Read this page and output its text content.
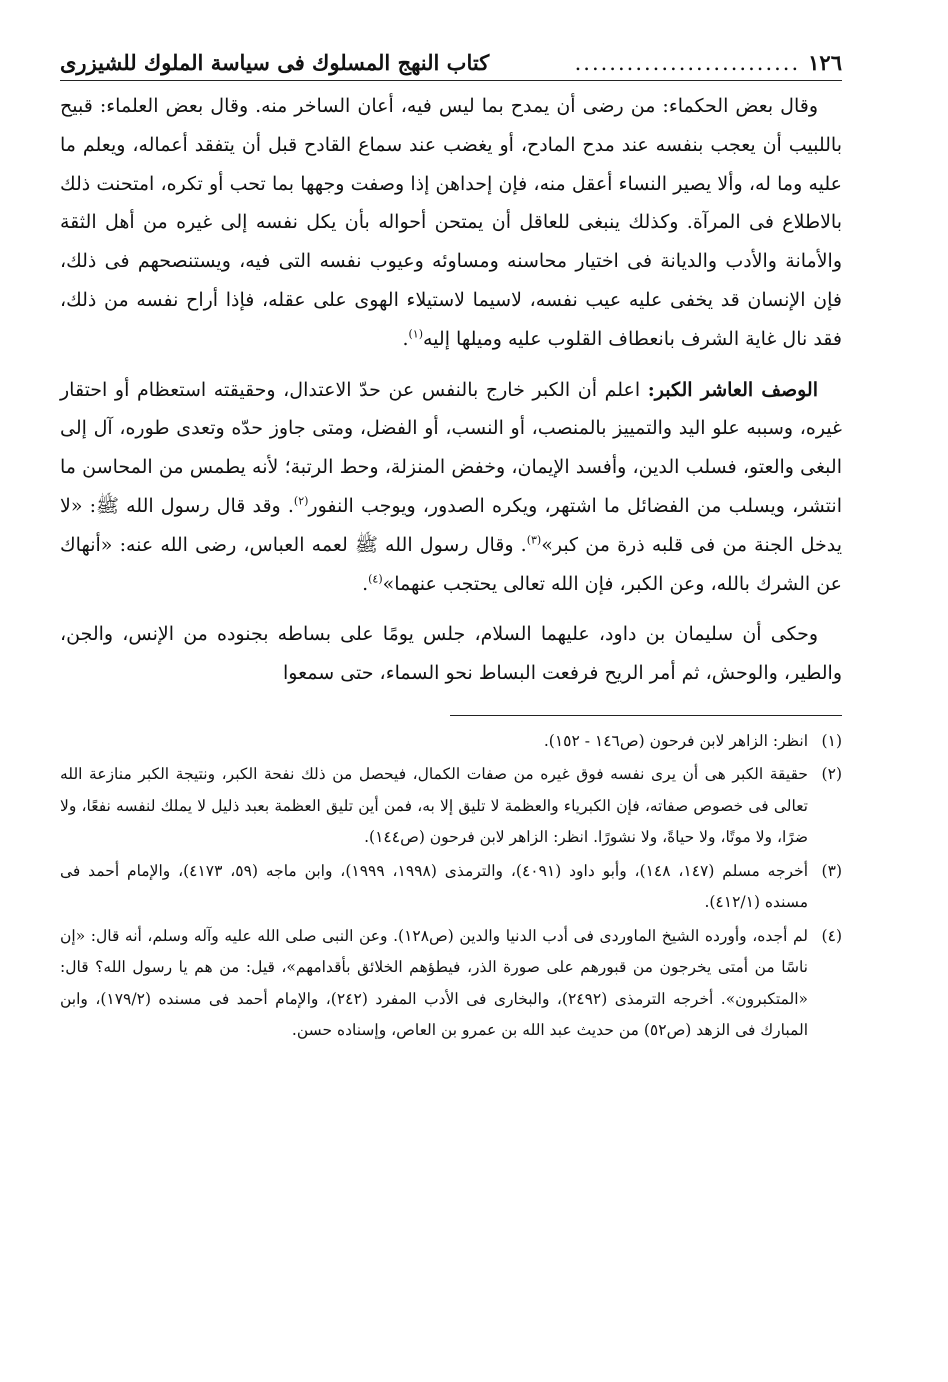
١٢٦
..........................
كتاب النهج المسلوك فى سياسة الملوك للشيزرى

وقال بعض الحكماء: من رضى أن يمدح بما ليس فيه، أعان الساخر منه. وقال بعض العلماء: قبيح باللبيب أن يعجب بنفسه عند مدح المادح، أو يغضب عند سماع القادح قبل أن يتفقد أعماله، ويعلم ما عليه وما له، وألا يصير النساء أعقل منه، فإن إحداهن إذا وصفت وجهها بما تحب أو تكره، امتحنت ذلك بالاطلاع فى المرآة. وكذلك ينبغى للعاقل أن يمتحن أحواله بأن يكل نفسه إلى غيره من أهل الثقة والأمانة والأدب والديانة فى اختيار محاسنه ومساوئه وعيوب نفسه التى فيه، ويستنصحهم فى ذلك، فإن الإنسان قد يخفى عليه عيب نفسه، لاسيما لاستيلاء الهوى على عقله، فإذا أراح نفسه من ذلك، فقد نال غاية الشرف بانعطاف القلوب عليه وميلها إليه$^{(١)}$.

الوصف العاشر الكبر: اعلم أن الكبر خارج بالنفس عن حدّ الاعتدال، وحقيقته استعظام أو احتقار غيره، وسببه علو اليد والتمييز بالمنصب، أو النسب، أو الفضل، ومتى جاوز حدّه وتعدى طوره، آل إلى البغى والعتو، فسلب الدين، وأفسد الإيمان، وخفض المنزلة، وحط الرتبة؛ لأنه يطمس من المحاسن ما انتشر، ويسلب من الفضائل ما اشتهر، ويكره الصدور، ويوجب النفور$^{(٢)}$. وقد قال رسول الله ﷺ: «لا يدخل الجنة من فى قلبه ذرة من كبر»$^{(٣)}$. وقال رسول الله ﷺ لعمه العباس، رضى الله عنه: «أنهاك عن الشرك بالله، وعن الكبر، فإن الله تعالى يحتجب عنهما»$^{(٤)}$.

وحكى أن سليمان بن داود، عليهما السلام، جلس يومًا على بساطه بجنوده من الإنس، والجن، والطير، والوحش، ثم أمر الريح فرفعت البساط نحو السماء، حتى سمعوا

(١)
انظر: الزاهر لابن فرحون (ص١٤٦ - ١٥٢).
(٢)
حقيقة الكبر هى أن يرى نفسه فوق غيره من صفات الكمال، فيحصل من ذلك نفحة الكبر، ونتيجة الكبر منازعة الله تعالى فى خصوص صفاته، فإن الكبرياء والعظمة لا تليق إلا به، فمن أين تليق العظمة بعبد ذليل لا يملك لنفسه نفعًا، ولا ضرًا، ولا موتًا، ولا حياةً، ولا نشورًا. انظر: الزاهر لابن فرحون (ص١٤٤).
(٣)
أخرجه مسلم (١٤٧، ١٤٨)، وأبو داود (٤٠٩١)، والترمذى (١٩٩٨، ١٩٩٩)، وابن ماجه (٥٩، ٤١٧٣)، والإمام أحمد فى مسنده (٤١٢/١).
(٤)
لم أجده، وأورده الشيخ الماوردى فى أدب الدنيا والدين (ص١٢٨). وعن النبى صلى الله عليه وآله وسلم، أنه قال: «إن ناسًا من أمتى يخرجون من قبورهم على صورة الذر، فيطؤهم الخلائق بأقدامهم»، قيل: من هم يا رسول الله؟ قال: «المتكبرون». أخرجه الترمذى (٢٤٩٢)، والبخارى فى الأدب المفرد (٢٤٢)، والإمام أحمد فى مسنده (١٧٩/٢)، وابن المبارك فى الزهد (ص٥٢) من حديث عبد الله بن عمرو بن العاص، وإسناده حسن.
